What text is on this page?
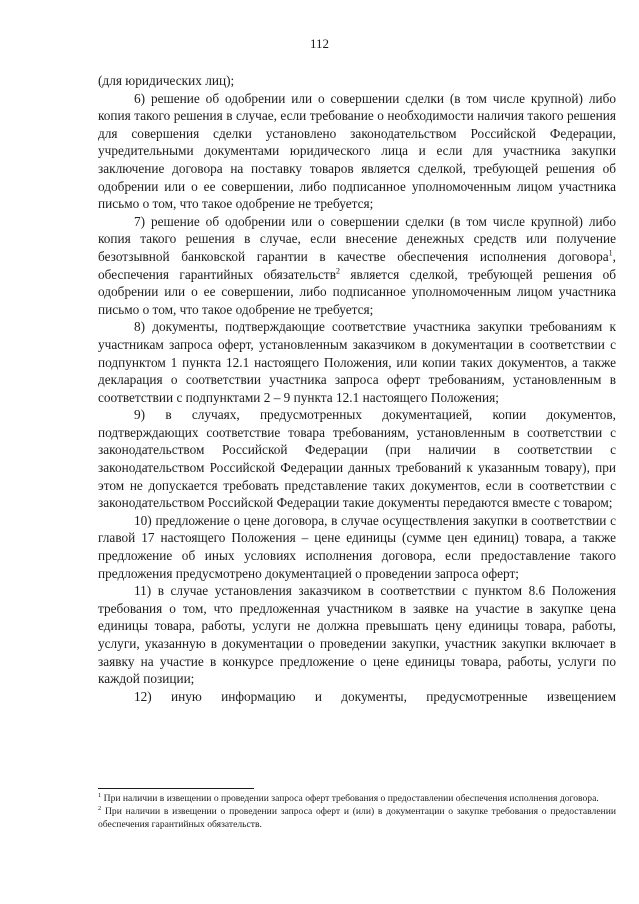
112

(для юридических лиц);

6) решение об одобрении или о совершении сделки (в том числе крупной) либо копия такого решения в случае, если требование о необходимости наличия такого решения для совершения сделки установлено законодательством Российской Федерации, учредительными документами юридического лица и если для участника закупки заключение договора на поставку товаров является сделкой, требующей решения об одобрении или о ее совершении, либо подписанное уполномоченным лицом участника письмо о том, что такое одобрение не требуется;

7) решение об одобрении или о совершении сделки (в том числе крупной) либо копия такого решения в случае, если внесение денежных средств или получение безотзывной банковской гарантии в качестве обеспечения исполнения договора$^1$, обеспечения гарантийных обязательств$^2$ является сделкой, требующей решения об одобрении или о ее совершении, либо подписанное уполномоченным лицом участника письмо о том, что такое одобрение не требуется;

8) документы, подтверждающие соответствие участника закупки требованиям к участникам запроса оферт, установленным заказчиком в документации в соответствии с подпунктом 1 пункта 12.1 настоящего Положения, или копии таких документов, а также декларация о соответствии участника запроса оферт требованиям, установленным в соответствии с подпунктами 2 – 9 пункта 12.1 настоящего Положения;

9) в случаях, предусмотренных документацией, копии документов, подтверждающих соответствие товара требованиям, установленным в соответствии с законодательством Российской Федерации (при наличии в соответствии с законодательством Российской Федерации данных требований к указанным товару), при этом не допускается требовать представление таких документов, если в соответствии с законодательством Российской Федерации такие документы передаются вместе с товаром;

10) предложение о цене договора, в случае осуществления закупки в соответствии с главой 17 настоящего Положения – цене единицы (сумме цен единиц) товара, а также предложение об иных условиях исполнения договора, если предоставление такого предложения предусмотрено документацией о проведении запроса оферт;

11) в случае установления заказчиком в соответствии с пунктом 8.6 Положения требования о том, что предложенная участником в заявке на участие в закупке цена единицы товара, работы, услуги не должна превышать цену единицы товара, работы, услуги, указанную в документации о проведении закупки, участник закупки включает в заявку на участие в конкурсе предложение о цене единицы товара, работы, услуги по каждой позиции;

12) иную информацию и документы, предусмотренные извещением

$^1$ При наличии в извещении о проведении запроса оферт требования о предоставлении обеспечения исполнения договора.

$^2$ При наличии в извещении о проведении запроса оферт и (или) в документации о закупке требования о предоставлении обеспечения гарантийных обязательств.
